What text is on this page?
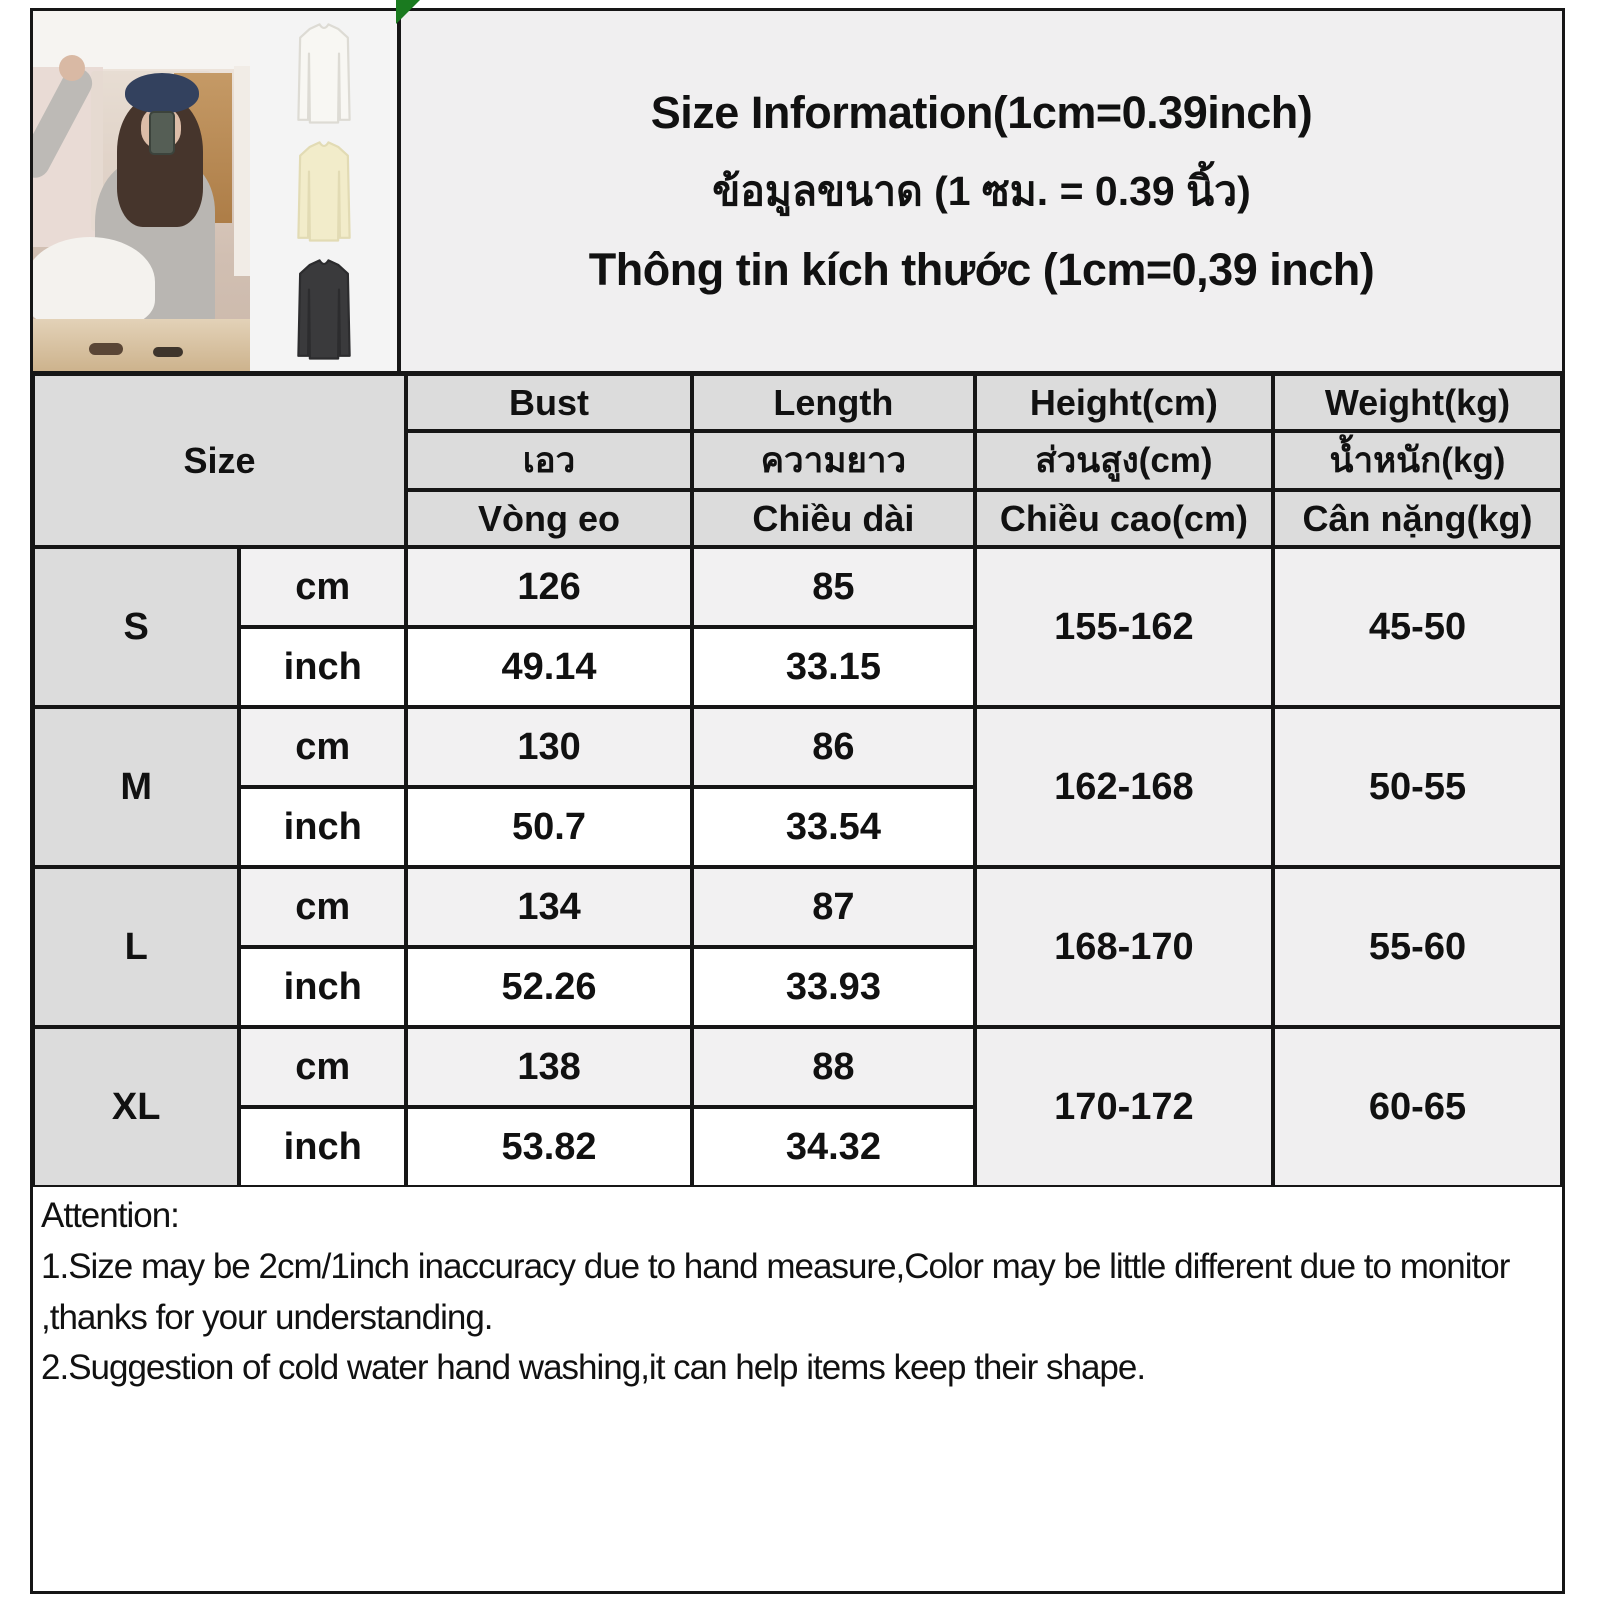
Size Information(1cm=0.39inch)
ข้อมูลขนาด (1 ซม. = 0.39 นิ้ว)
Thông tin kích thước (1cm=0,39 inch)
Size		Bust	Length	Height(cm)	Weight(kg)
		เอว	ความยาว	ส่วนสูง(cm)	น้ำหนัก(kg)
		Vòng eo	Chiều dài	Chiều cao(cm)	Cân nặng(kg)
S	cm	126	85	155-162	45-50
	inch	49.14	33.15		
M	cm	130	86	162-168	50-55
	inch	50.7	33.54		
L	cm	134	87	168-170	55-60
	inch	52.26	33.93		
XL	cm	138	88	170-172	60-65
	inch	53.82	34.32		

Attention:

1.Size may be 2cm/1inch inaccuracy due to hand measure,Color may be little different due to monitor ,thanks for your understanding.

2.Suggestion of cold water hand washing,it can help items keep their shape.
